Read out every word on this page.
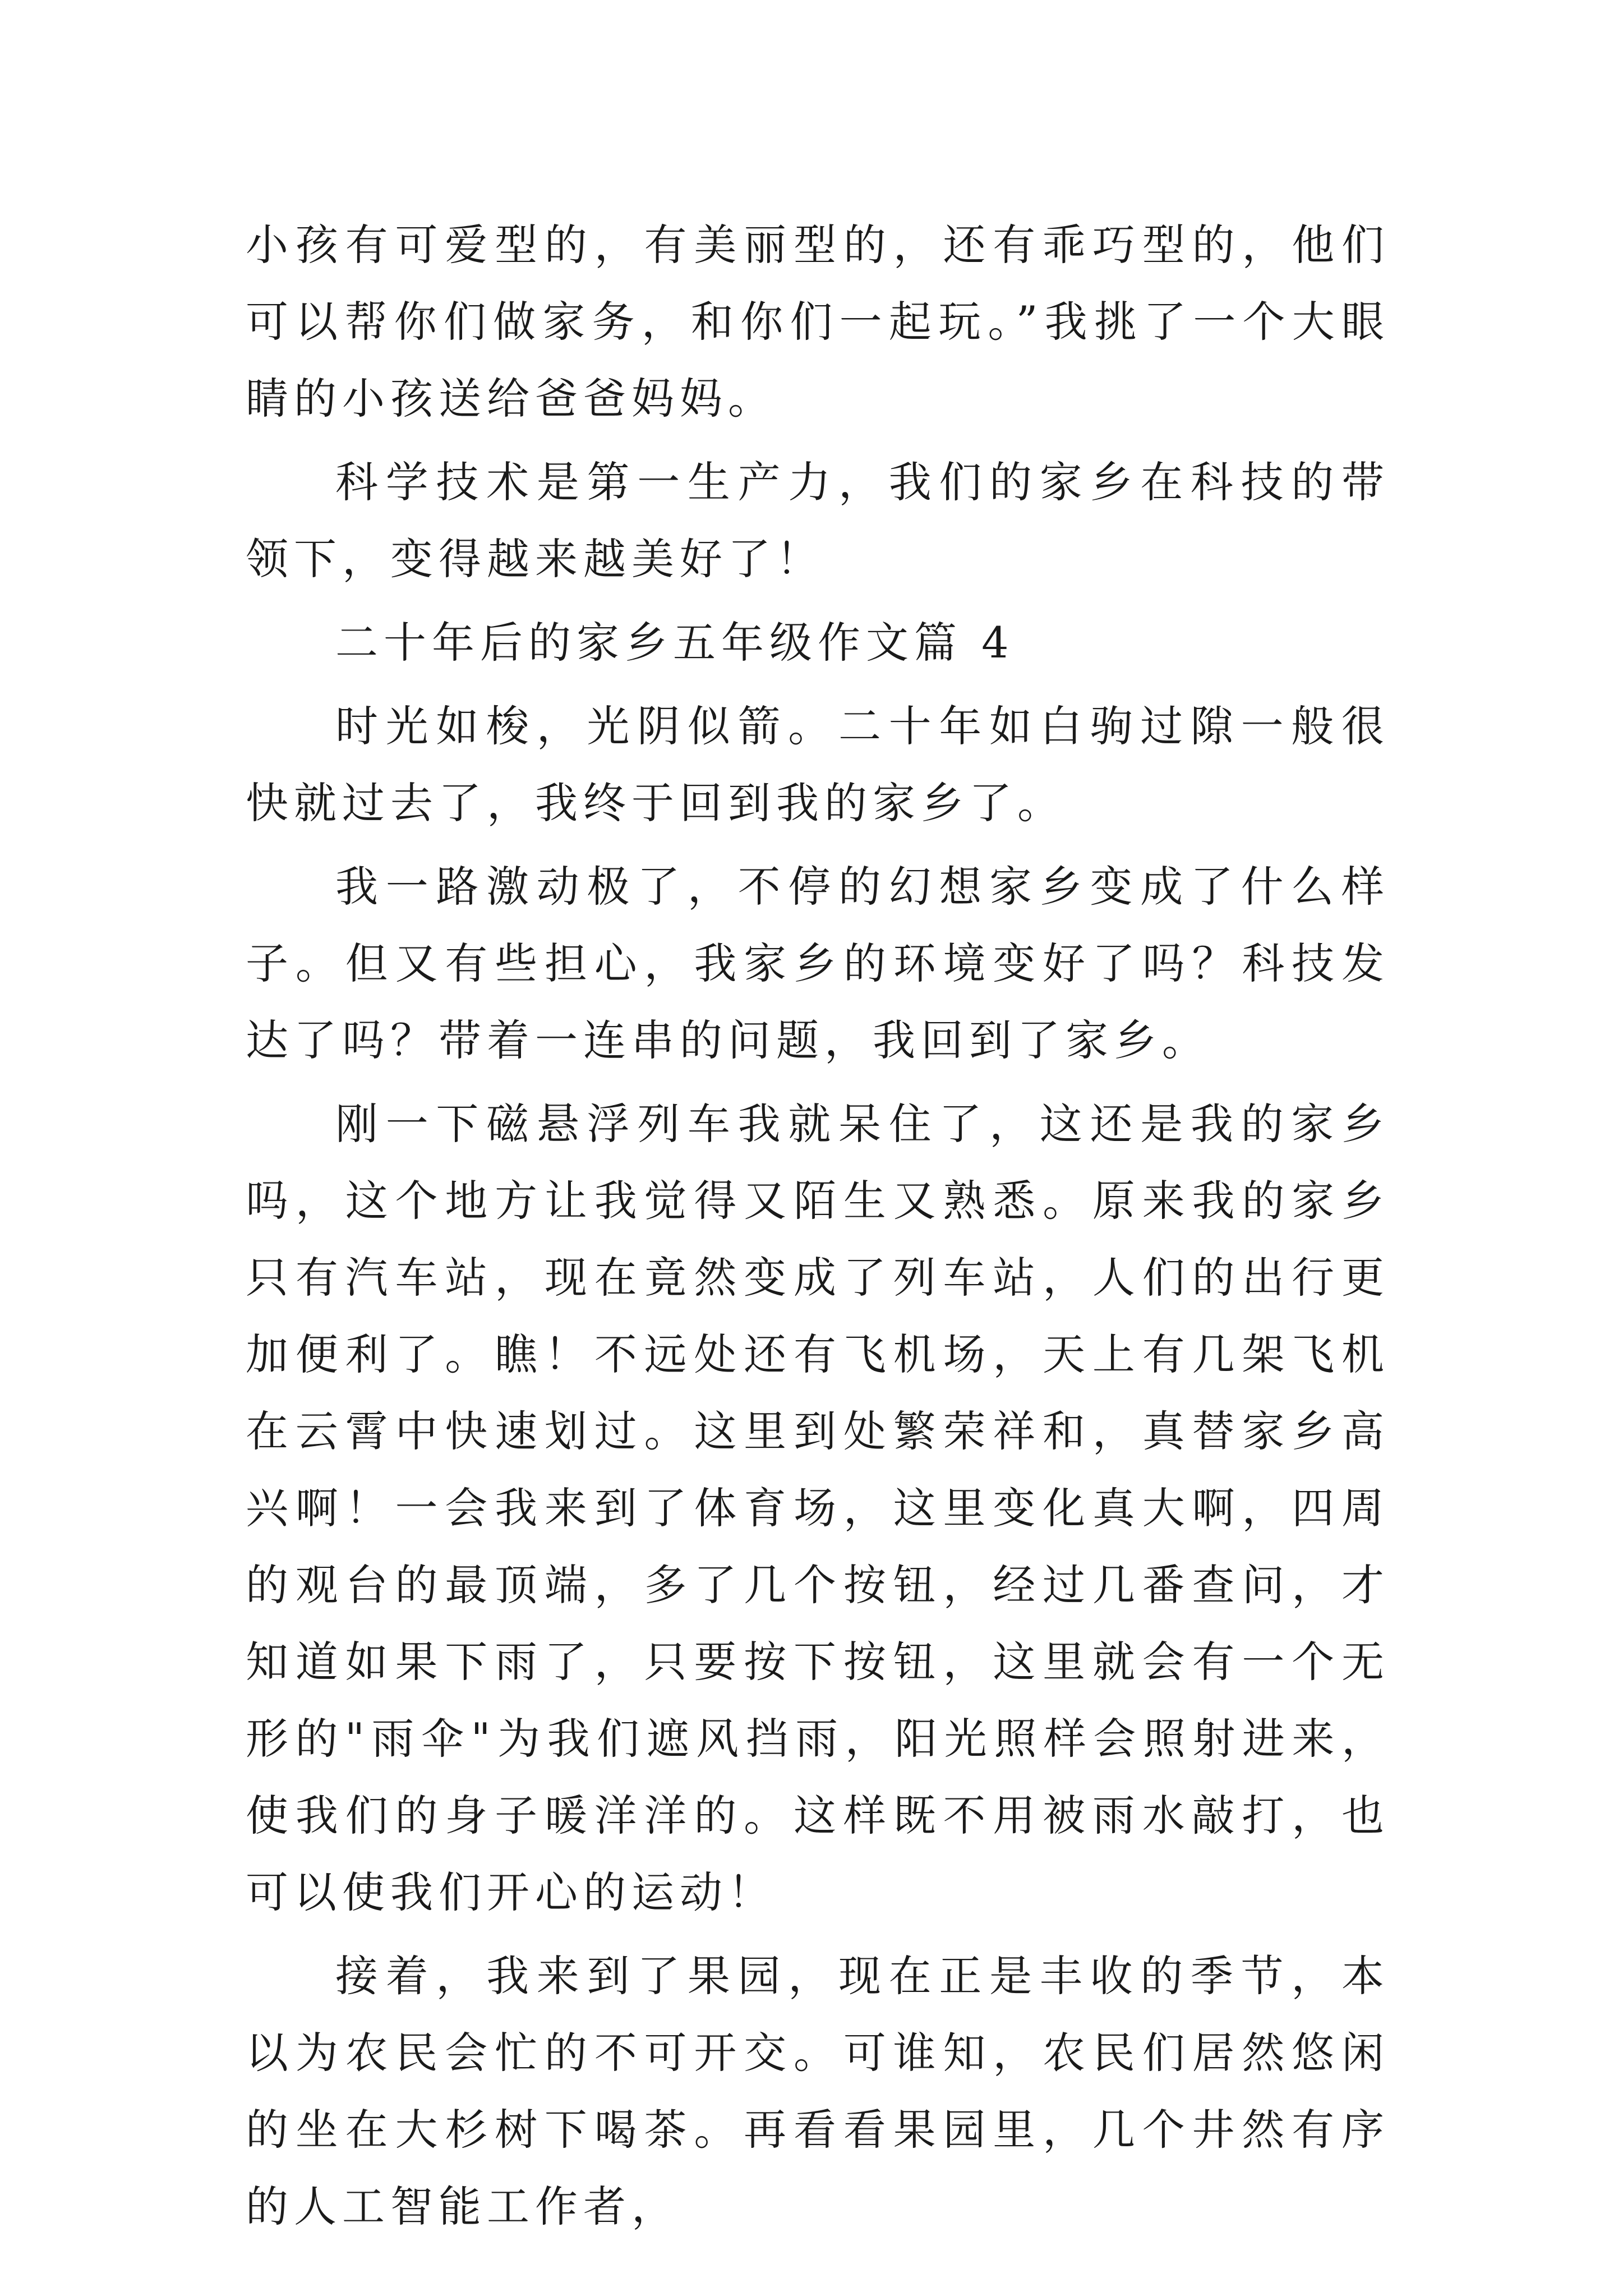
小孩有可爱型的，有美丽型的，还有乖巧型的，他们可以帮你们做家务，和你们一起玩。”我挑了一个大眼睛的小孩送给爸爸妈妈。

科学技术是第一生产力，我们的家乡在科技的带领下，变得越来越美好了！

二十年后的家乡五年级作文篇 4

时光如梭，光阴似箭。二十年如白驹过隙一般很快就过去了，我终于回到我的家乡了。

我一路激动极了，不停的幻想家乡变成了什么样子。但又有些担心，我家乡的环境变好了吗？科技发达了吗？带着一连串的问题，我回到了家乡。

刚一下磁悬浮列车我就呆住了，这还是我的家乡吗，这个地方让我觉得又陌生又熟悉。原来我的家乡只有汽车站，现在竟然变成了列车站，人们的出行更加便利了。瞧！不远处还有飞机场，天上有几架飞机在云霄中快速划过。这里到处繁荣祥和，真替家乡高兴啊！一会我来到了体育场，这里变化真大啊，四周的观台的最顶端，多了几个按钮，经过几番查问，才知道如果下雨了，只要按下按钮，这里就会有一个无形的"雨伞"为我们遮风挡雨，阳光照样会照射进来，使我们的身子暖洋洋的。这样既不用被雨水敲打，也可以使我们开心的运动！

接着，我来到了果园，现在正是丰收的季节，本以为农民会忙的不可开交。可谁知，农民们居然悠闲的坐在大杉树下喝茶。再看看果园里，几个井然有序的人工智能工作者，
